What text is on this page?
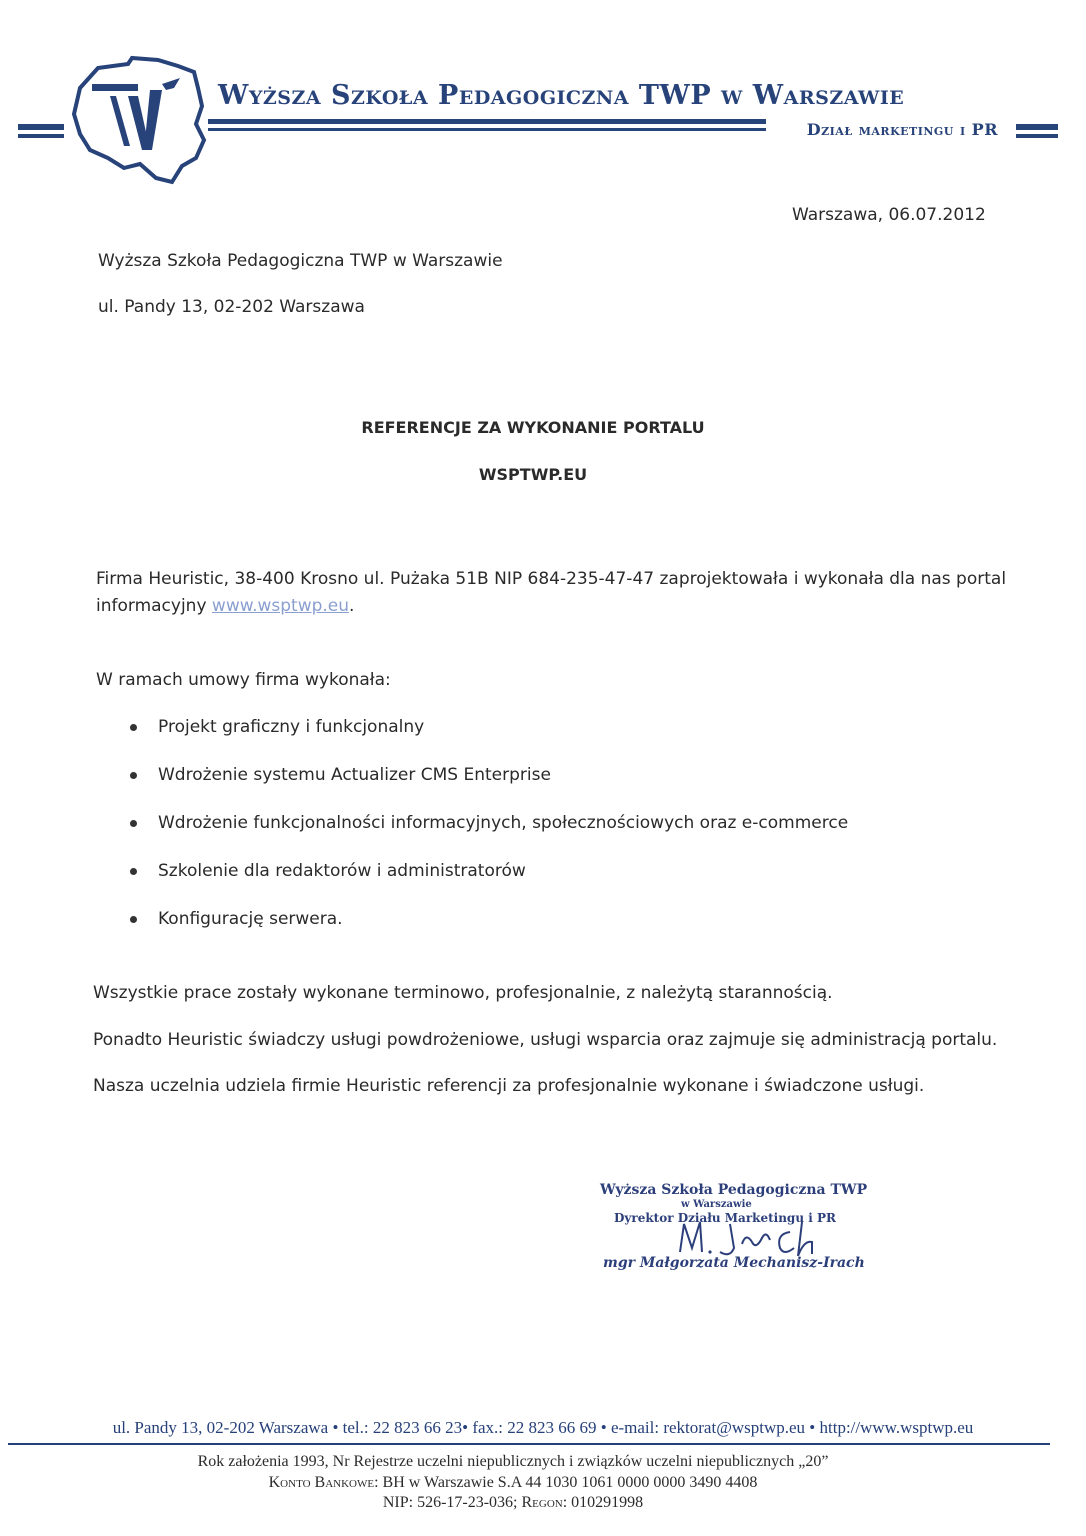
Wyższa Szkoła Pedagogiczna TWP w Warszawie
Dział marketingu i PR
Warszawa, 06.07.2012
Wyższa Szkoła Pedagogiczna TWP w Warszawie
ul. Pandy 13, 02-202 Warszawa
REFERENCJE ZA WYKONANIE PORTALU
WSPTWP.EU
Firma Heuristic, 38-400 Krosno ul. Pużaka 51B NIP 684-235-47-47 zaprojektowała i wykonała dla nas portal
informacyjny www.wsptwp.eu.
W ramach umowy firma wykonała:
Projekt graficzny i funkcjonalny
Wdrożenie systemu Actualizer CMS Enterprise
Wdrożenie funkcjonalności informacyjnych, społecznościowych oraz e-commerce
Szkolenie dla redaktorów i administratorów
Konfigurację serwera.
Wszystkie prace zostały wykonane terminowo, profesjonalnie, z należytą starannością.
Ponadto Heuristic świadczy usługi powdrożeniowe, usługi wsparcia oraz zajmuje się administracją portalu.
Nasza uczelnia udziela firmie Heuristic referencji za profesjonalnie wykonane i świadczone usługi.
Wyższa Szkoła Pedagogiczna TWP
w Warszawie
Dyrektor Działu Marketingu i PR
mgr Małgorzata Mechanisz-Irach
ul. Pandy 13, 02-202 Warszawa • tel.: 22 823 66 23• fax.: 22 823 66 69 • e-mail: rektorat@wsptwp.eu • http://www.wsptwp.eu
Rok założenia 1993, Nr Rejestrze uczelni niepublicznych i związków uczelni niepublicznych „20”
Konto Bankowe: BH w Warszawie S.A 44 1030 1061 0000 0000 3490 4408
NIP: 526-17-23-036; Regon: 010291998
